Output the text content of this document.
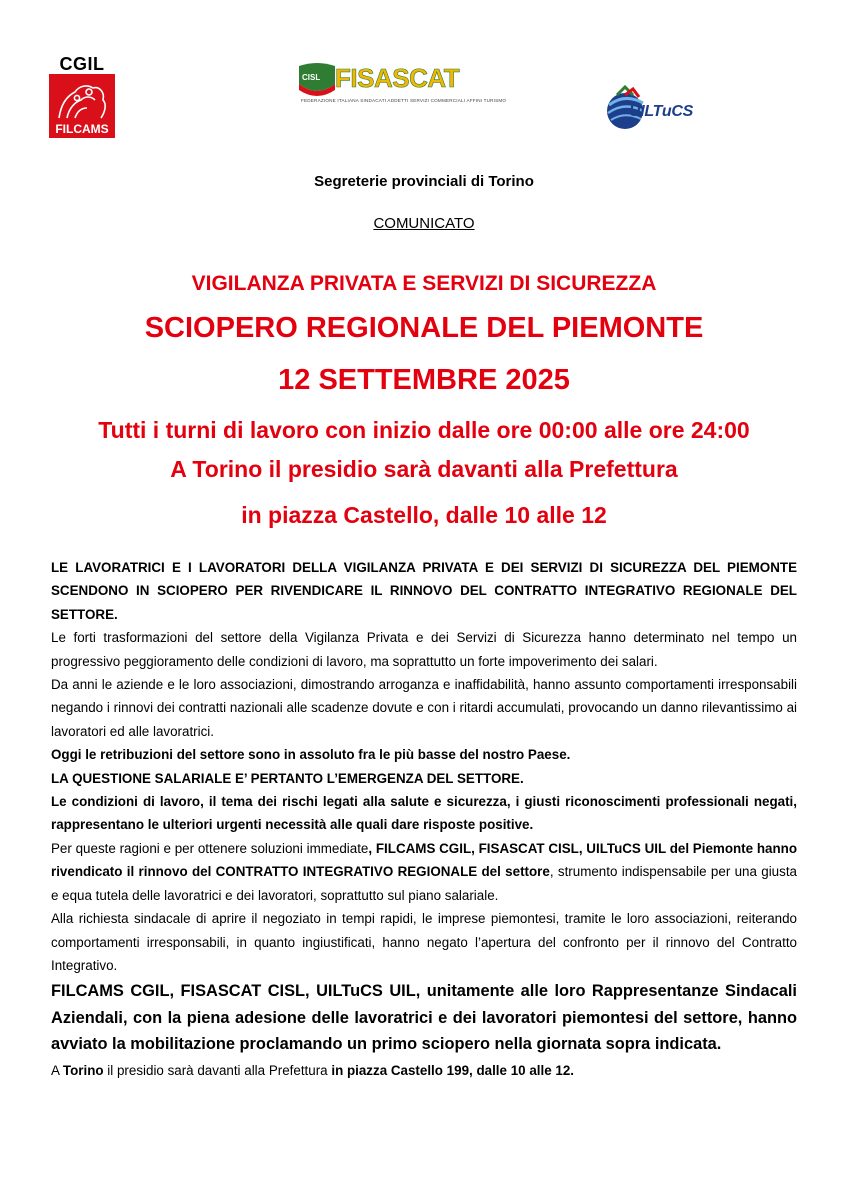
CGIL
FILCAMS
CISL FISASCAT
FEDERAZIONE ITALIANA SINDACATI ADDETTI SERVIZI COMMERCIALI AFFINI TURISMO
UILTuCS
Segreterie provinciali di Torino
COMUNICATO
VIGILANZA PRIVATA E SERVIZI DI SICUREZZA
SCIOPERO REGIONALE DEL PIEMONTE
12 SETTEMBRE 2025
Tutti i turni di lavoro con inizio dalle ore 00:00 alle ore 24:00
A Torino il presidio sarà davanti alla Prefettura
in piazza Castello, dalle 10 alle 12

LE LAVORATRICI E I LAVORATORI DELLA VIGILANZA PRIVATA E DEI SERVIZI DI SICUREZZA DEL PIEMONTE SCENDONO IN SCIOPERO PER RIVENDICARE IL RINNOVO DEL CONTRATTO INTEGRATIVO REGIONALE DEL SETTORE.

Le forti trasformazioni del settore della Vigilanza Privata e dei Servizi di Sicurezza hanno determinato nel tempo un progressivo peggioramento delle condizioni di lavoro, ma soprattutto un forte impoverimento dei salari.

Da anni le aziende e le loro associazioni, dimostrando arroganza e inaffidabilità, hanno assunto comportamenti irresponsabili negando i rinnovi dei contratti nazionali alle scadenze dovute e con i ritardi accumulati, provocando un danno rilevantissimo ai lavoratori ed alle lavoratrici.

Oggi le retribuzioni del settore sono in assoluto fra le più basse del nostro Paese.

LA QUESTIONE SALARIALE E’ PERTANTO L’EMERGENZA DEL SETTORE.

Le condizioni di lavoro, il tema dei rischi legati alla salute e sicurezza, i giusti riconoscimenti professionali negati, rappresentano le ulteriori urgenti necessità alle quali dare risposte positive.

Per queste ragioni e per ottenere soluzioni immediate, FILCAMS CGIL, FISASCAT CISL, UILTuCS UIL del Piemonte hanno rivendicato il rinnovo del CONTRATTO INTEGRATIVO REGIONALE del settore, strumento indispensabile per una giusta e equa tutela delle lavoratrici e dei lavoratori, soprattutto sul piano salariale.

Alla richiesta sindacale di aprire il negoziato in tempi rapidi, le imprese piemontesi, tramite le loro associazioni, reiterando comportamenti irresponsabili, in quanto ingiustificati, hanno negato l’apertura del confronto per il rinnovo del Contratto Integrativo.

FILCAMS CGIL, FISASCAT CISL, UILTuCS UIL, unitamente alle loro Rappresentanze Sindacali Aziendali, con la piena adesione delle lavoratrici e dei lavoratori piemontesi del settore, hanno avviato la mobilitazione proclamando un primo sciopero nella giornata sopra indicata.

A Torino il presidio sarà davanti alla Prefettura in piazza Castello 199, dalle 10 alle 12.
